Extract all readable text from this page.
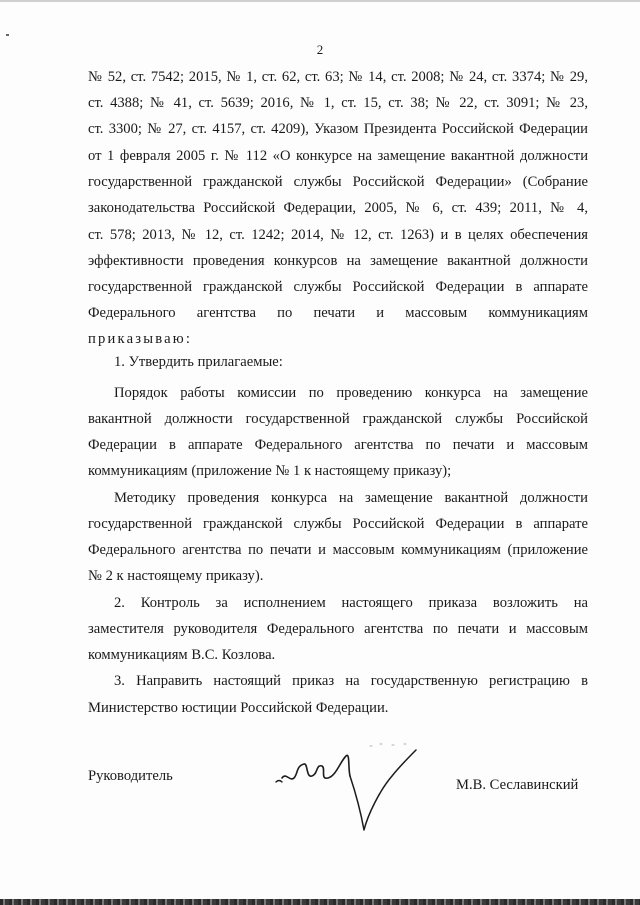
2
№ 52, ст. 7542; 2015, № 1, ст. 62, ст. 63; № 14, ст. 2008; № 24, ст. 3374; № 29,
ст. 4388; № 41, ст. 5639; 2016, № 1, ст. 15, ст. 38; № 22, ст. 3091; № 23,
ст. 3300; № 27, ст. 4157, ст. 4209), Указом Президента Российской Федерации
от 1 февраля 2005 г. № 112 «О конкурсе на замещение вакантной должности
государственной гражданской службы Российской Федерации» (Собрание
законодательства Российской Федерации, 2005, № 6, ст. 439; 2011, № 4,
ст. 578; 2013, № 12, ст. 1242; 2014, № 12, ст. 1263) и в целях обеспечения
эффективности проведения конкурсов на замещение вакантной должности
государственной гражданской службы Российской Федерации в аппарате
Федерального агентства по печати и массовым коммуникациям
приказываю:
1. Утвердить прилагаемые:
Порядок работы комиссии по проведению конкурса на замещение
вакантной должности государственной гражданской службы Российской
Федерации в аппарате Федерального агентства по печати и массовым
коммуникациям (приложение № 1 к настоящему приказу);
Методику проведения конкурса на замещение вакантной должности
государственной гражданской службы Российской Федерации в аппарате
Федерального агентства по печати и массовым коммуникациям (приложение
№ 2 к настоящему приказу).
2. Контроль за исполнением настоящего приказа возложить на
заместителя руководителя Федерального агентства по печати и массовым
коммуникациям В.С. Козлова.
3. Направить настоящий приказ на государственную регистрацию в
Министерство юстиции Российской Федерации.
Руководитель
М.В. Сеславинский
